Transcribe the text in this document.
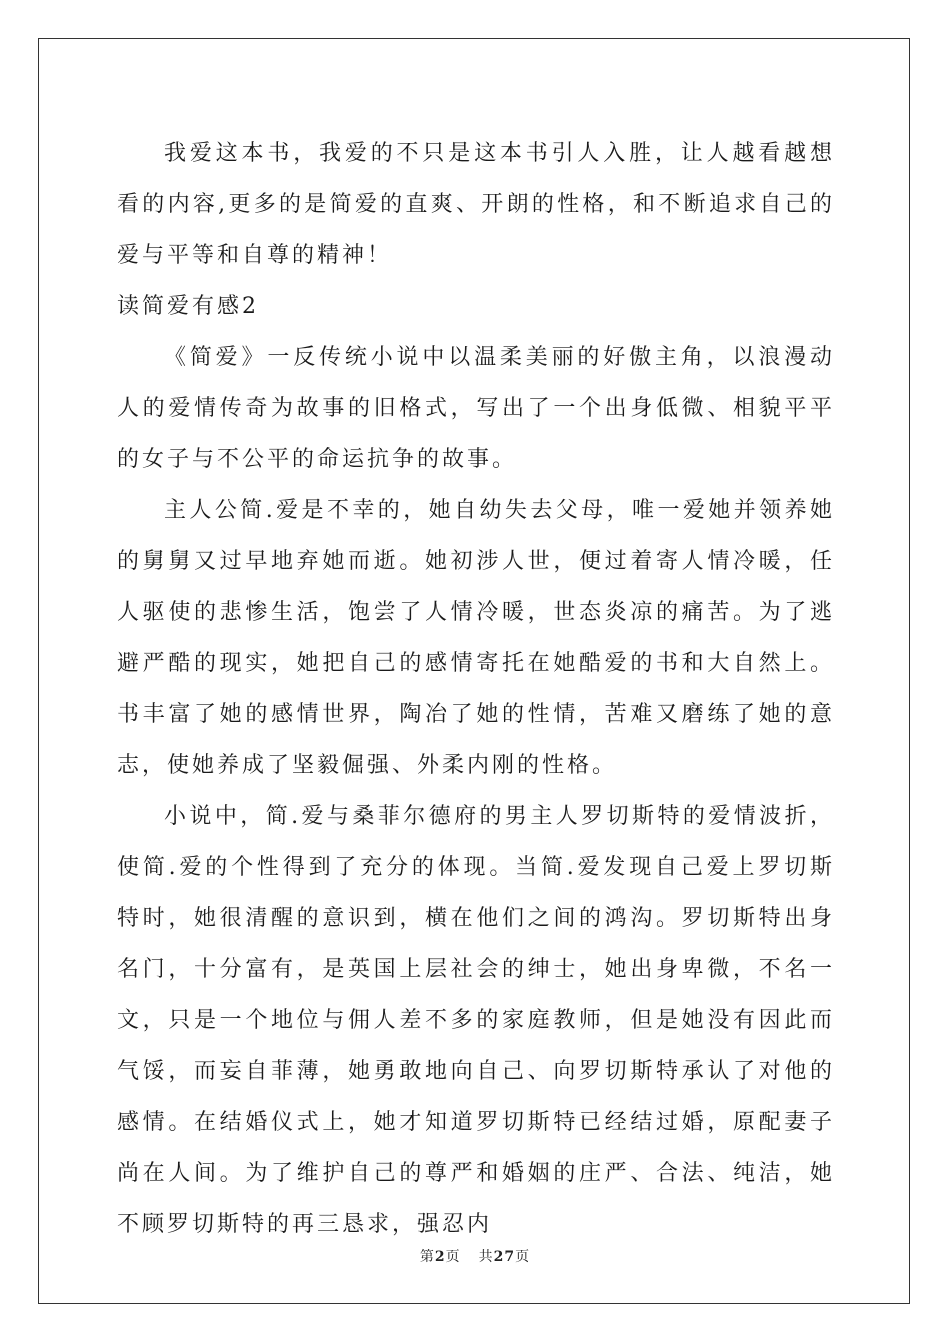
我爱这本书，我爱的不只是这本书引人入胜，让人越看越想看的内容,更多的是简爱的直爽、开朗的性格，和不断追求自己的爱与平等和自尊的精神！

读简爱有感2

《简爱》一反传统小说中以温柔美丽的好傲主角，以浪漫动人的爱情传奇为故事的旧格式，写出了一个出身低微、相貌平平的女子与不公平的命运抗争的故事。

主人公简.爱是不幸的，她自幼失去父母，唯一爱她并领养她的舅舅又过早地弃她而逝。她初涉人世，便过着寄人情冷暖，任人驱使的悲惨生活，饱尝了人情冷暖，世态炎凉的痛苦。为了逃避严酷的现实，她把自己的感情寄托在她酷爱的书和大自然上。书丰富了她的感情世界，陶冶了她的性情，苦难又磨练了她的意志，使她养成了坚毅倔强、外柔内刚的性格。

小说中，简.爱与桑菲尔德府的男主人罗切斯特的爱情波折，使简.爱的个性得到了充分的体现。当简.爱发现自己爱上罗切斯特时，她很清醒的意识到，横在他们之间的鸿沟。罗切斯特出身名门，十分富有，是英国上层社会的绅士，她出身卑微，不名一文，只是一个地位与佣人差不多的家庭教师，但是她没有因此而气馁，而妄自菲薄，她勇敢地向自己、向罗切斯特承认了对他的感情。在结婚仪式上，她才知道罗切斯特已经结过婚，原配妻子尚在人间。为了维护自己的尊严和婚姻的庄严、合法、纯洁，她不顾罗切斯特的再三恳求，强忍内

第2页 共27页
